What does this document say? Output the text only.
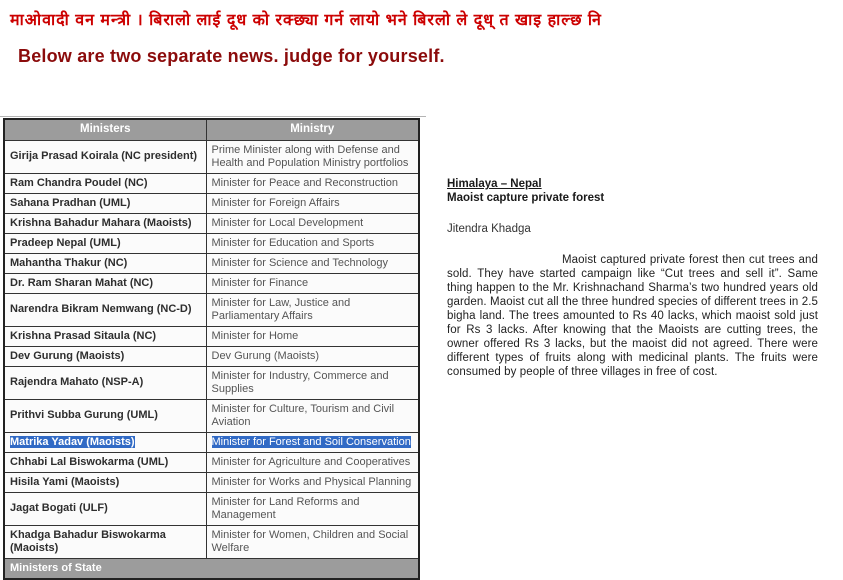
माओवादी वन मन्त्री । बिरालो लाई दूध को रक्छ्या गर्न लायो भने बिरलो ले दूध् त खाइ हाल्छ नि
Below are two separate news. judge for yourself.
Ministers	Ministry
Girija Prasad Koirala (NC president)	Prime Minister along with Defense and Health and Population Ministry portfolios
Ram Chandra Poudel (NC)	Minister for Peace and Reconstruction
Sahana Pradhan (UML)	Minister for Foreign Affairs
Krishna Bahadur Mahara (Maoists)	Minister for Local Development
Pradeep Nepal (UML)	Minister for Education and Sports
Mahantha Thakur (NC)	Minister for Science and Technology
Dr. Ram Sharan Mahat (NC)	Minister for Finance
Narendra Bikram Nemwang (NC-D)	Minister for Law, Justice and Parliamentary Affairs
Krishna Prasad Sitaula (NC)	Minister for Home
Dev Gurung (Maoists)	Dev Gurung (Maoists)
Rajendra Mahato (NSP-A)	Minister for Industry, Commerce and Supplies
Prithvi Subba Gurung (UML)	Minister for Culture, Tourism and Civil Aviation
Matrika Yadav (Maoists)	Minister for Forest and Soil Conservation
Chhabi Lal Biswokarma (UML)	Minister for Agriculture and Cooperatives
Hisila Yami (Maoists)	Minister for Works and Physical Planning
Jagat Bogati (ULF)	Minister for Land Reforms and Management
Khadga Bahadur Biswokarma (Maoists)	Minister for Women, Children and Social Welfare
Ministers of State	
Himalaya – Nepal
Maoist capture private forest
Jitendra Khadga
Maoist captured private forest then cut trees and sold. They have started campaign like “Cut trees and sell it”. Same thing happen to the Mr. Krishnachand Sharma’s two hundred years old garden. Maoist cut all the three hundred species of different trees in 2.5 bigha land. The trees amounted to Rs 40 lacks, which maoist sold just for Rs 3 lacks. After knowing that the Maoists are cutting trees, the owner offered Rs 3 lacks, but the maoist did not agreed. There were different types of fruits along with medicinal plants. The fruits were consumed by people of three villages in free of cost.
